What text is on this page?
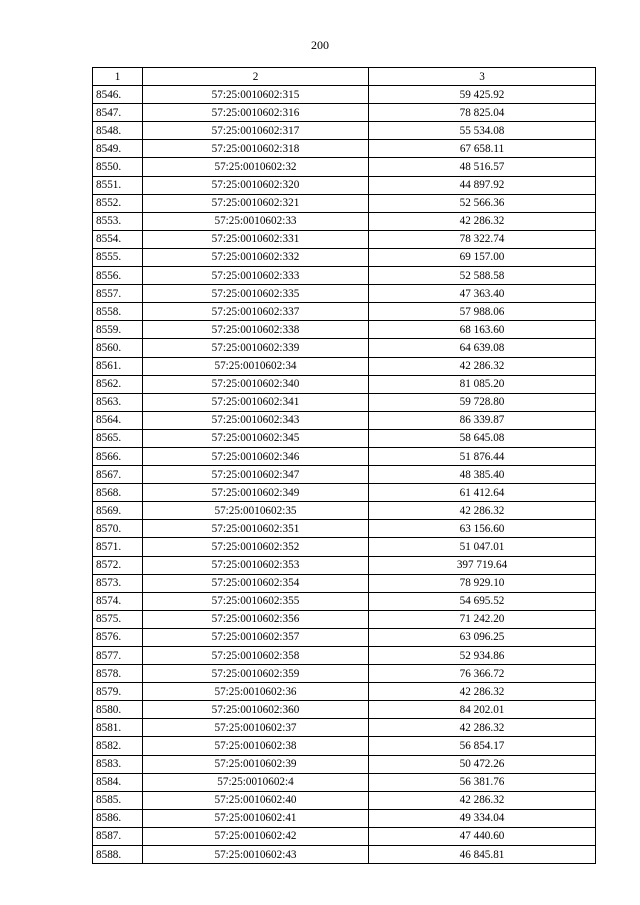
200
1	2	3
8546.	57:25:0010602:315	59 425.92
8547.	57:25:0010602:316	78 825.04
8548.	57:25:0010602:317	55 534.08
8549.	57:25:0010602:318	67 658.11
8550.	57:25:0010602:32	48 516.57
8551.	57:25:0010602:320	44 897.92
8552.	57:25:0010602:321	52 566.36
8553.	57:25:0010602:33	42 286.32
8554.	57:25:0010602:331	78 322.74
8555.	57:25:0010602:332	69 157.00
8556.	57:25:0010602:333	52 588.58
8557.	57:25:0010602:335	47 363.40
8558.	57:25:0010602:337	57 988.06
8559.	57:25:0010602:338	68 163.60
8560.	57:25:0010602:339	64 639.08
8561.	57:25:0010602:34	42 286.32
8562.	57:25:0010602:340	81 085.20
8563.	57:25:0010602:341	59 728.80
8564.	57:25:0010602:343	86 339.87
8565.	57:25:0010602:345	58 645.08
8566.	57:25:0010602:346	51 876.44
8567.	57:25:0010602:347	48 385.40
8568.	57:25:0010602:349	61 412.64
8569.	57:25:0010602:35	42 286.32
8570.	57:25:0010602:351	63 156.60
8571.	57:25:0010602:352	51 047.01
8572.	57:25:0010602:353	397 719.64
8573.	57:25:0010602:354	78 929.10
8574.	57:25:0010602:355	54 695.52
8575.	57:25:0010602:356	71 242.20
8576.	57:25:0010602:357	63 096.25
8577.	57:25:0010602:358	52 934.86
8578.	57:25:0010602:359	76 366.72
8579.	57:25:0010602:36	42 286.32
8580.	57:25:0010602:360	84 202.01
8581.	57:25:0010602:37	42 286.32
8582.	57:25:0010602:38	56 854.17
8583.	57:25:0010602:39	50 472.26
8584.	57:25:0010602:4	56 381.76
8585.	57:25:0010602:40	42 286.32
8586.	57:25:0010602:41	49 334.04
8587.	57:25:0010602:42	47 440.60
8588.	57:25:0010602:43	46 845.81
